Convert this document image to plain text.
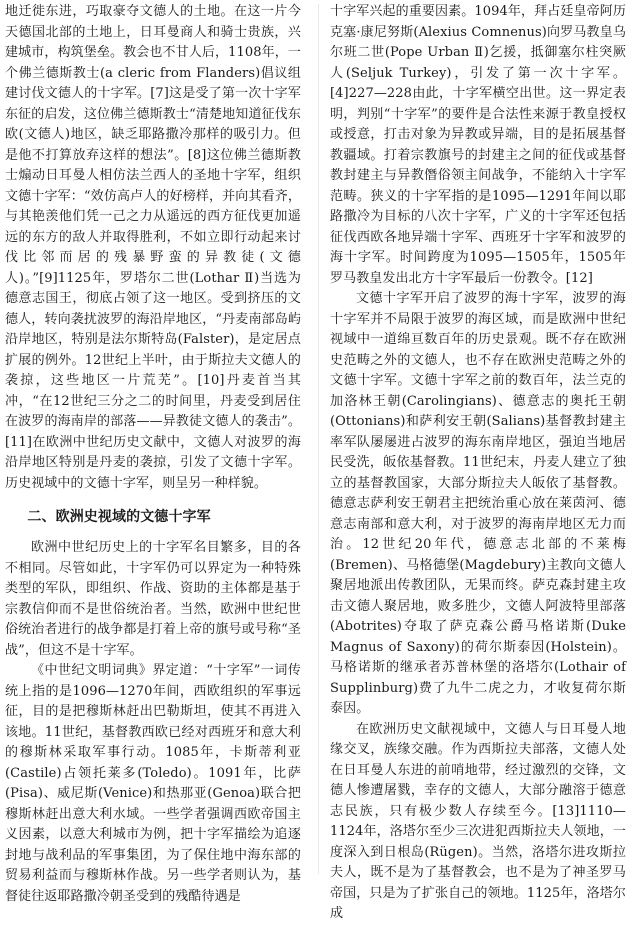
地迁徙东进，巧取豪夺文德人的土地。在这一片今天德国北部的土地上，日耳曼商人和骑士贵族，兴建城市，构筑堡垒。教会也不甘人后，1108年，一个佛兰德斯教士(a cleric from Flanders)倡议组建讨伐文德人的十字军。[7]这是受了第一次十字军东征的启发，这位佛兰德斯教士“清楚地知道征伐东欧(文德人)地区，缺乏耶路撒冷那样的吸引力。但是他不打算放弃这样的想法”。[8]这位佛兰德斯教士煽动日耳曼人相仿法兰西人的圣地十字军，组织文德十字军：“效仿高卢人的好榜样，并向其看齐，与其艳羡他们凭一己之力从遥远的西方征伐更加遥远的东方的敌人并取得胜利，不如立即行动起来讨伐比邻而居的残暴野蛮的异教徒(文德人)。”[9]1125年，罗塔尔二世(Lothar Ⅱ)当选为德意志国王，彻底占领了这一地区。受到挤压的文德人，转向袭扰波罗的海沿岸地区，“丹麦南部岛屿沿岸地区，特别是法尔斯特岛(Falster)，是定居点扩展的例外。12世纪上半叶，由于斯拉夫文德人的袭掠，这些地区一片荒芜”。[10]丹麦首当其冲，“在12世纪三分之二的时间里，丹麦受到居住在波罗的海南岸的部落——异教徒文德人的袭击”。[11]在欧洲中世纪历史文献中，文德人对波罗的海沿岸地区特别是丹麦的袭掠，引发了文德十字军。历史视域中的文德十字军，则呈另一种样貌。

二、欧洲史视域的文德十字军

欧洲中世纪历史上的十字军名目繁多，目的各不相同。尽管如此，十字军仍可以界定为一种特殊类型的军队，即组织、作战、资助的主体都是基于宗教信仰而不是世俗统治者。当然，欧洲中世纪世俗统治者进行的战争都是打着上帝的旗号或号称“圣战”，但这不是十字军。

《中世纪文明词典》界定道：“十字军”一词传统上指的是1096—1270年间，西欧组织的军事远征，目的是把穆斯林赶出巴勒斯坦，使其不再进入该地。11世纪，基督教西欧已经对西班牙和意大利的穆斯林采取军事行动。1085年，卡斯蒂利亚(Castile)占领托莱多(Toledo)。1091年，比萨(Pisa)、威尼斯(Venice)和热那亚(Genoa)联合把穆斯林赶出意大利水域。一些学者强调西欧帝国主义因素，以意大利城市为例，把十字军描绘为追逐封地与战利品的军事集团，为了保住地中海东部的贸易利益而与穆斯林作战。另一些学者则认为，基督徒往返耶路撒冷朝圣受到的残酷待遇是

十字军兴起的重要因素。1094年，拜占廷皇帝阿历克塞·康尼努斯(Alexius Comnenus)向罗马教皇乌尔班二世(Pope Urban Ⅱ)乞援，抵御塞尔柱突厥人(Seljuk Turkey)，引发了第一次十字军。[4]227—228由此，十字军横空出世。这一界定表明，判别“十字军”的要件是合法性来源于教皇授权或授意，打击对象为异教或异端，目的是拓展基督教疆域。打着宗教旗号的封建主之间的征伐或基督教封建主与异教僭俗领主间战争，不能纳入十字军范畴。狭义的十字军指的是1095—1291年间以耶路撒冷为目标的八次十字军，广义的十字军还包括征伐西欧各地异端十字军、西班牙十字军和波罗的海十字军。时间跨度为1095—1505年，1505年罗马教皇发出北方十字军最后一份教令。[12]

文德十字军开启了波罗的海十字军，波罗的海十字军并不局限于波罗的海区域，而是欧洲中世纪视域中一道绵亘数百年的历史景观。既不存在欧洲史范畴之外的文德人，也不存在欧洲史范畴之外的文德十字军。文德十字军之前的数百年，法兰克的加洛林王朝(Carolingians)、德意志的奥托王朝(Ottonians)和萨利安王朝(Salians)基督教封建主率军队屡屡进占波罗的海东南岸地区，强迫当地居民受洗，皈依基督教。11世纪末，丹麦人建立了独立的基督教国家，大部分斯拉夫人皈依了基督教。德意志萨利安王朝君主把统治重心放在莱茵河、德意志南部和意大利，对于波罗的海南岸地区无力而治。12世纪20年代，德意志北部的不莱梅(Bremen)、马格德堡(Magdebury)主教向文德人聚居地派出传教团队，无果而终。萨克森封建主攻击文德人聚居地，败多胜少，文德人阿波特里部落(Abotrites)夺取了萨克森公爵马格诺斯(Duke Magnus of Saxony)的荷尔斯泰因(Holstein)。马格诺斯的继承者苏普林堡的洛塔尔(Lothair of Supplinburg)费了九牛二虎之力，才收复荷尔斯泰因。

在欧洲历史文献视域中，文德人与日耳曼人地缘交叉，族缘交融。作为西斯拉夫部落，文德人处在日耳曼人东进的前哨地带，经过激烈的交锋，文德人惨遭屠戮，幸存的文德人，大部分融溶于德意志民族，只有极少数人存续至今。[13]1110—1124年，洛塔尔至少三次进犯西斯拉夫人领地，一度深入到日根岛(Rügen)。当然，洛塔尔进攻斯拉夫人，既不是为了基督教会，也不是为了神圣罗马帝国，只是为了扩张自己的领地。1125年，洛塔尔成
